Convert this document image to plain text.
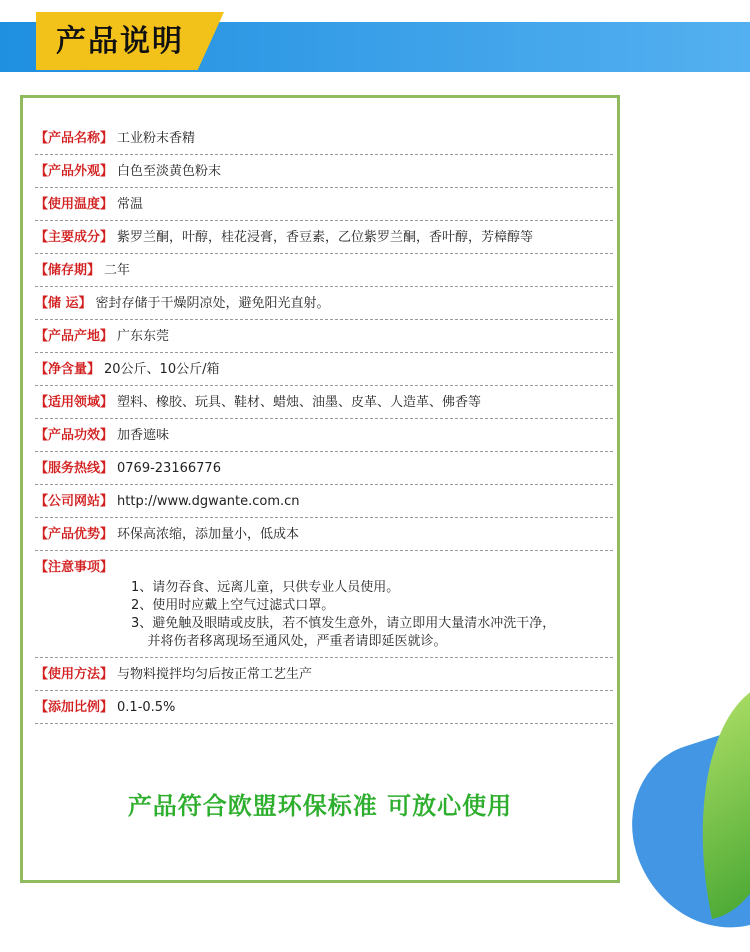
产品说明
【产品名称】 工业粉末香精
【产品外观】 白色至淡黄色粉末
【使用温度】 常温
【主要成分】 紫罗兰酮，叶醇，桂花浸膏，香豆素，乙位紫罗兰酮，香叶醇，芳樟醇等
【储存期】 二年
【储 运】 密封存储于干燥阴凉处，避免阳光直射。
【产品产地】 广东东莞
【净含量】 20公斤、10公斤/箱
【适用领域】 塑料、橡胶、玩具、鞋材、蜡烛、油墨、皮革、人造革、佛香等
【产品功效】 加香遮味
【服务热线】 0769-23166776
【公司网站】 http://www.dgwante.com.cn
【产品优势】 环保高浓缩，添加量小，低成本
【注意事项】
1、请勿吞食、远离儿童，只供专业人员使用。
2、使用时应戴上空气过滤式口罩。
3、避免触及眼睛或皮肤，若不慎发生意外，请立即用大量清水冲洗干净，
并将伤者移离现场至通风处，严重者请即延医就诊。
【使用方法】 与物料搅拌均匀后按正常工艺生产
【添加比例】 0.1-0.5%
产品符合欧盟环保标准 可放心使用
